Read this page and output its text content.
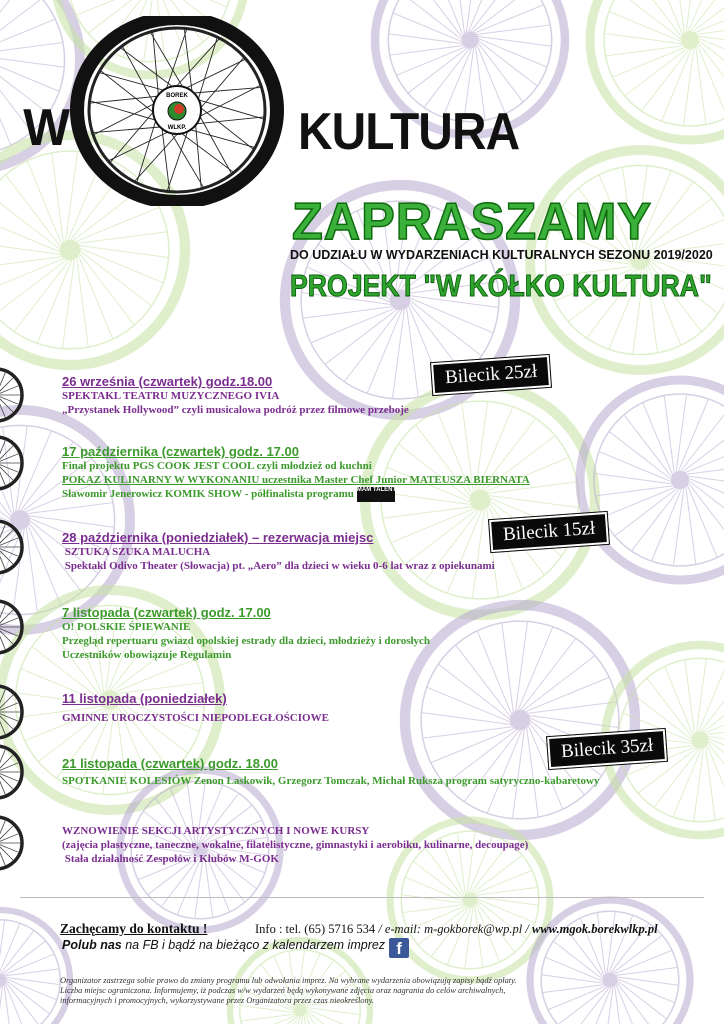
W
BOREK
WLKP. KULTURA
ZAPRASZAMY
DO UDZIAŁU W WYDARZENIACH KULTURALNYCH SEZONU 2019/2020
PROJEKT "W KÓŁKO KULTURA"
Bilecik 25zł
Bilecik 15zł
Bilecik 35zł
26 września (czwartek) godz.18.00
SPEKTAKL TEATRU MUZYCZNEGO IVIA
„Przystanek Hollywood” czyli musicalowa podróż przez filmowe przeboje
17 października (czwartek) godz. 17.00
Finał projektu PGS COOK JEST COOL czyli młodzież od kuchni
POKAZ KULINARNY W WYKONANIU uczestnika Master Chef Junior MATEUSZA BIERNATA
Sławomir Jenerowicz KOMIK SHOW - półfinalista programu MAM TALENT!
28 października (poniedziałek) – rezerwacja miejsc
SZTUKA SZUKA MALUCHA
Spektakl Odivo Theater (Słowacja) pt. „Aero” dla dzieci w wieku 0-6 lat wraz z opiekunami
7 listopada (czwartek) godz. 17.00
O! POLSKIE ŚPIEWANIE
Przegląd repertuaru gwiazd opolskiej estrady dla dzieci, młodzieży i dorosłych
Uczestników obowiązuje Regulamin
11 listopada (poniedziałek)
GMINNE UROCZYSTOŚCI NIEPODLEGŁOŚCIOWE
21 listopada (czwartek) godz. 18.00
SPOTKANIE KOLESIÓW Zenon Laskowik, Grzegorz Tomczak, Michał Ruksza program satyryczno-kabaretowy
WZNOWIENIE SEKCJI ARTYSTYCZNYCH I NOWE KURSY
(zajęcia plastyczne, taneczne, wokalne, filatelistyczne, gimnastyki i aerobiku, kulinarne, decoupage)
Stała działalność Zespołów i Klubów M-GOK
Zachęcamy do kontaktu !	Info : tel. (65) 5716 534 / e-mail: m-gokborek@wp.pl / www.mgok.borekwlkp.pl
Polub nas na FB i bądź na bieżąco z kalendarzem imprez f
Organizator zastrzega sobie prawo do zmiany programu lub odwołania imprez. Na wybrane wydarzenia obowiązują zapisy bądź opłaty.
Liczba miejsc ograniczona. Informujemy, iż podczas w/w wydarzeń będą wykonywane zdjęcia oraz nagrania do celów archiwalnych,
informacyjnych i promocyjnych, wykorzystywane przez Organizatora przez czas nieokreślony.
